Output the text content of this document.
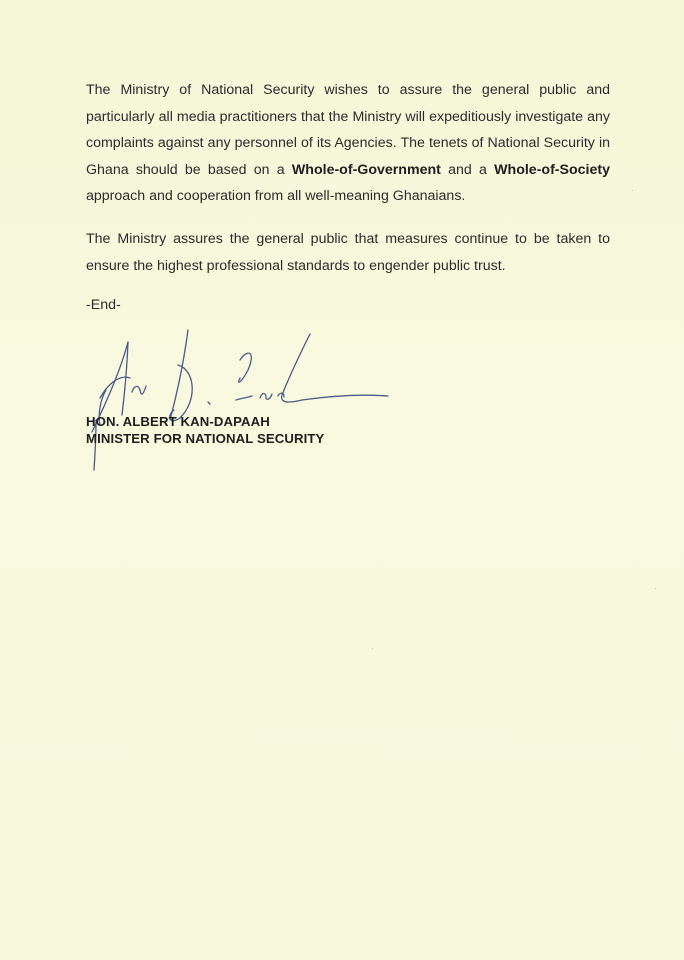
The Ministry of National Security wishes to assure the general public and particularly all media practitioners that the Ministry will expeditiously investigate any complaints against any personnel of its Agencies. The tenets of National Security in Ghana should be based on a Whole-of-Government and a Whole-of-Society approach and cooperation from all well-meaning Ghanaians.
The Ministry assures the general public that measures continue to be taken to ensure the highest professional standards to engender public trust.
-End-
HON. ALBERT KAN-DAPAAH
MINISTER FOR NATIONAL SECURITY
